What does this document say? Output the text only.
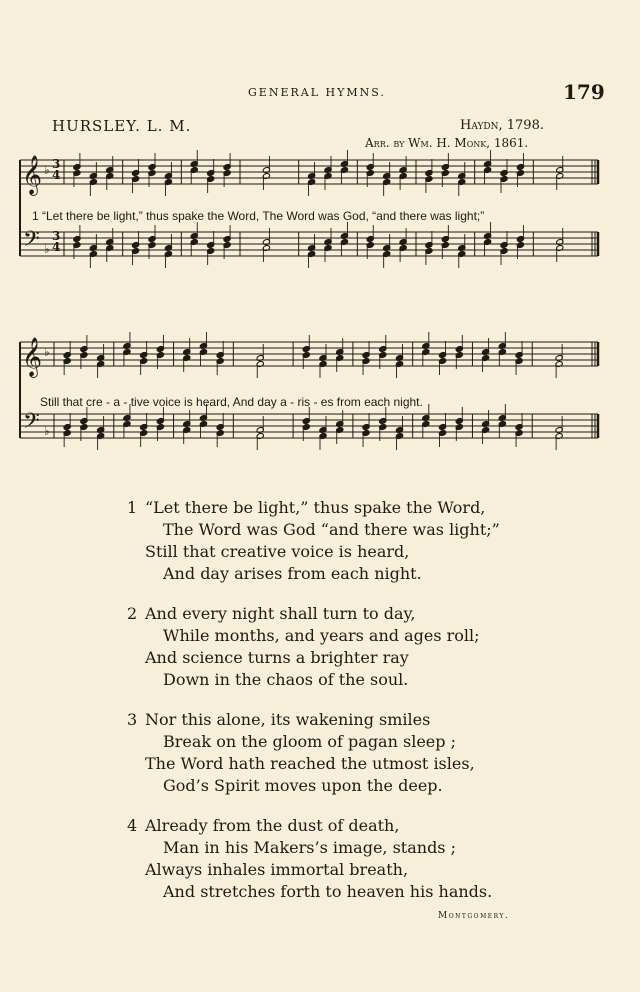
GENERAL HYMNS.	179
HURSLEY. L. M.	Haydn, 1798.
Arr. by Wm. H. Monk, 1861.
𝄞
𝄢
♭
♭
3
4
3
4
1 “Let there be light,” thus spake the Word, The Word was God, “and there was light;”
𝄞
𝄢
♭
♭
Still that cre - a - tive voice is heard, And day a - ris - es from each night.
1 “Let there be light,” thus spake the Word,
The Word was God “and there was light;”
Still that creative voice is heard,
And day arises from each night.
2 And every night shall turn to day,
While months, and years and ages roll;
And science turns a brighter ray
Down in the chaos of the soul.
3 Nor this alone, its wakening smiles
Break on the gloom of pagan sleep ;
The Word hath reached the utmost isles,
God’s Spirit moves upon the deep.
4 Already from the dust of death,
Man in his Makers’s image, stands ;
Always inhales immortal breath,
And stretches forth to heaven his hands.
Montgomery.
